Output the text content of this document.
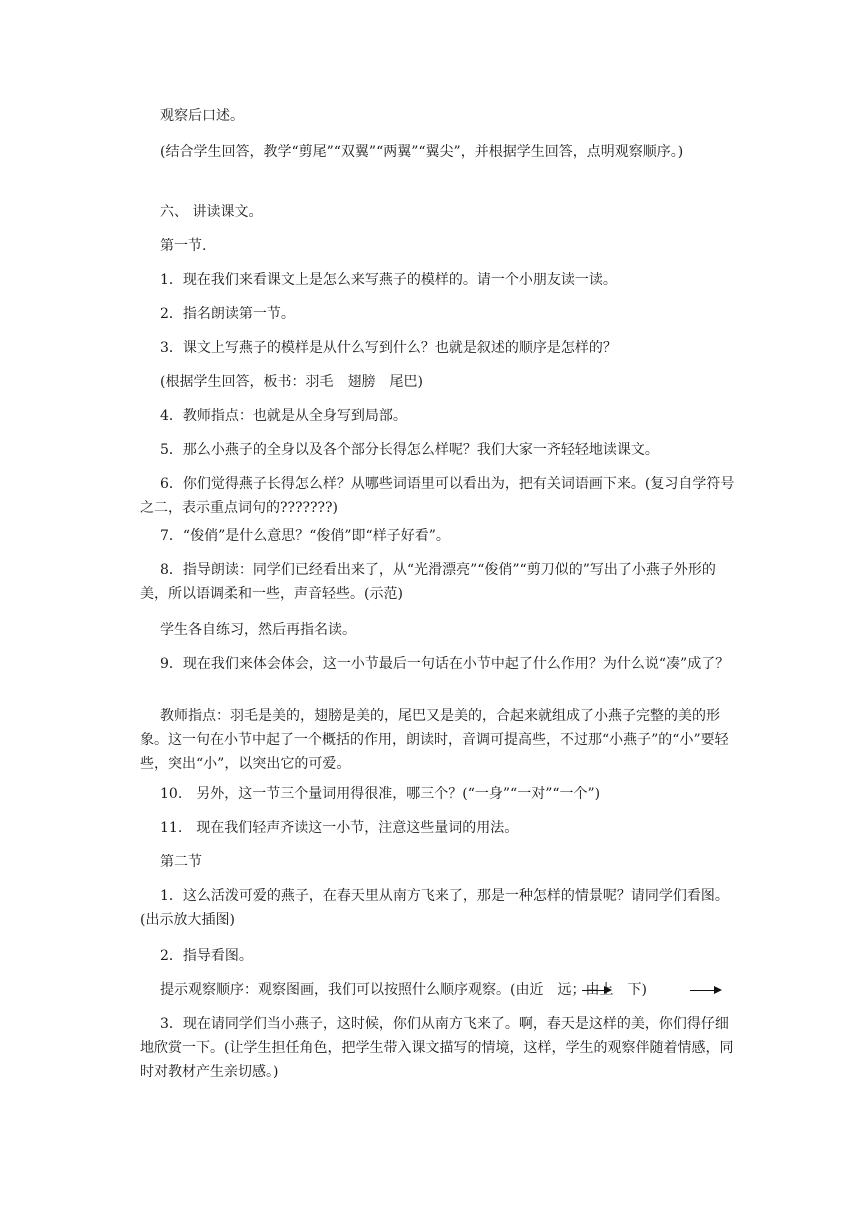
观察后口述。

(结合学生回答，教学“剪尾”“双翼”“两翼”“翼尖”，并根据学生回答，点明观察顺序。)

六、 讲读课文。

第一节.

1．现在我们来看课文上是怎么来写燕子的模样的。请一个小朋友读一读。

2．指名朗读第一节。

3．课文上写燕子的模样是从什么写到什么？也就是叙述的顺序是怎样的？

(根据学生回答，板书：羽毛　翅膀　尾巴)

4．教师指点：也就是从全身写到局部。

5．那么小燕子的全身以及各个部分长得怎么样呢？我们大家一齐轻轻地读课文。

6．你们觉得燕子长得怎么样？从哪些词语里可以看出为，把有关词语画下来。(复习自学符号之二，表示重点词句的???????)

7．“俊俏”是什么意思？“俊俏”即“样子好看”。

8．指导朗读：同学们已经看出来了，从“光滑漂亮”“俊俏”“剪刀似的”写出了小燕子外形的美，所以语调柔和一些，声音轻些。(示范)

学生各自练习，然后再指名读。

9．现在我们来体会体会，这一小节最后一句话在小节中起了什么作用？为什么说“凑”成了？

教师指点：羽毛是美的，翅膀是美的，尾巴又是美的，合起来就组成了小燕子完整的美的形象。这一句在小节中起了一个概括的作用，朗读时，音调可提高些，不过那“小燕子”的“小”要轻些，突出“小”，以突出它的可爱。

10.　另外，这一节三个量词用得很准，哪三个？(“一身”“一对”“一个”)

11.　现在我们轻声齐读这一小节，注意这些量词的用法。

第二节

1．这么活泼可爱的燕子，在春天里从南方飞来了，那是一种怎样的情景呢？请同学们看图。(出示放大插图)

2．指导看图。

提示观察顺序：观察图画，我们可以按照什么顺序观察。(由近　远；由上　下)

3．现在请同学们当小燕子，这时候，你们从南方飞来了。啊，春天是这样的美，你们得仔细地欣赏一下。(让学生担任角色，把学生带入课文描写的情境，这样，学生的观察伴随着情感，同时对教材产生亲切感。)
